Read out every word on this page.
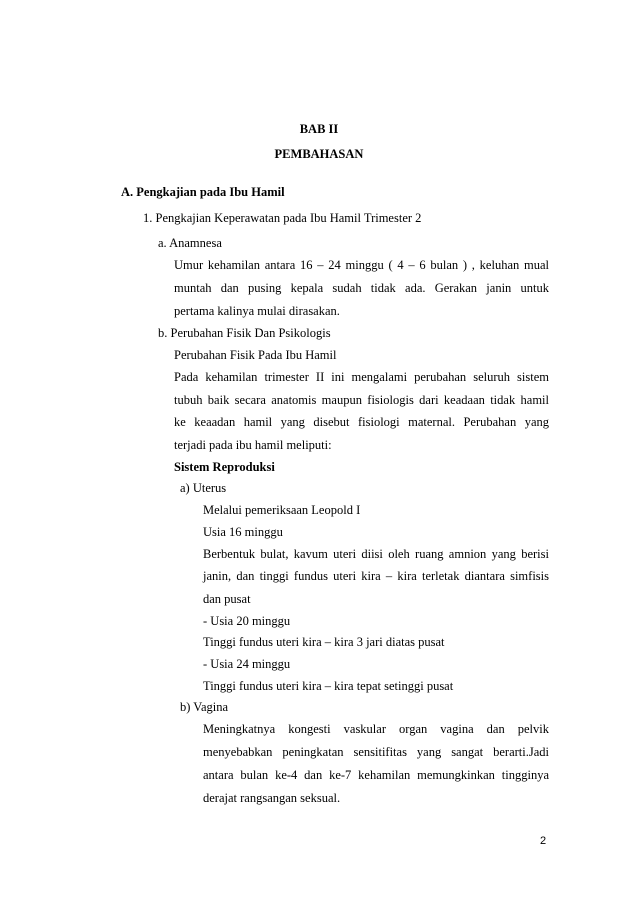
BAB II
PEMBAHASAN
A. Pengkajian pada Ibu Hamil
1. Pengkajian Keperawatan pada Ibu Hamil Trimester 2
a. Anamnesa
Umur kehamilan antara 16 – 24 minggu ( 4 – 6 bulan ) , keluhan mual
muntah dan pusing kepala sudah tidak ada. Gerakan janin untuk
pertama kalinya mulai dirasakan.
b. Perubahan Fisik Dan Psikologis
Perubahan Fisik Pada Ibu Hamil
Pada kehamilan trimester II ini mengalami perubahan seluruh sistem
tubuh baik secara anatomis maupun fisiologis dari keadaan tidak hamil
ke keaadan hamil yang disebut fisiologi maternal. Perubahan yang
terjadi pada ibu hamil meliputi:
Sistem Reproduksi
a) Uterus
Melalui pemeriksaan Leopold I
Usia 16 minggu
Berbentuk bulat, kavum uteri diisi oleh ruang amnion yang berisi
janin, dan tinggi fundus uteri kira – kira terletak diantara simfisis
dan pusat
- Usia 20 minggu
Tinggi fundus uteri kira – kira 3 jari diatas pusat
- Usia 24 minggu
Tinggi fundus uteri kira – kira tepat setinggi pusat
b) Vagina
Meningkatnya kongesti vaskular organ vagina dan pelvik
menyebabkan peningkatan sensitifitas yang sangat berarti.Jadi
antara bulan ke-4 dan ke-7 kehamilan memungkinkan tingginya
derajat rangsangan seksual.
2
